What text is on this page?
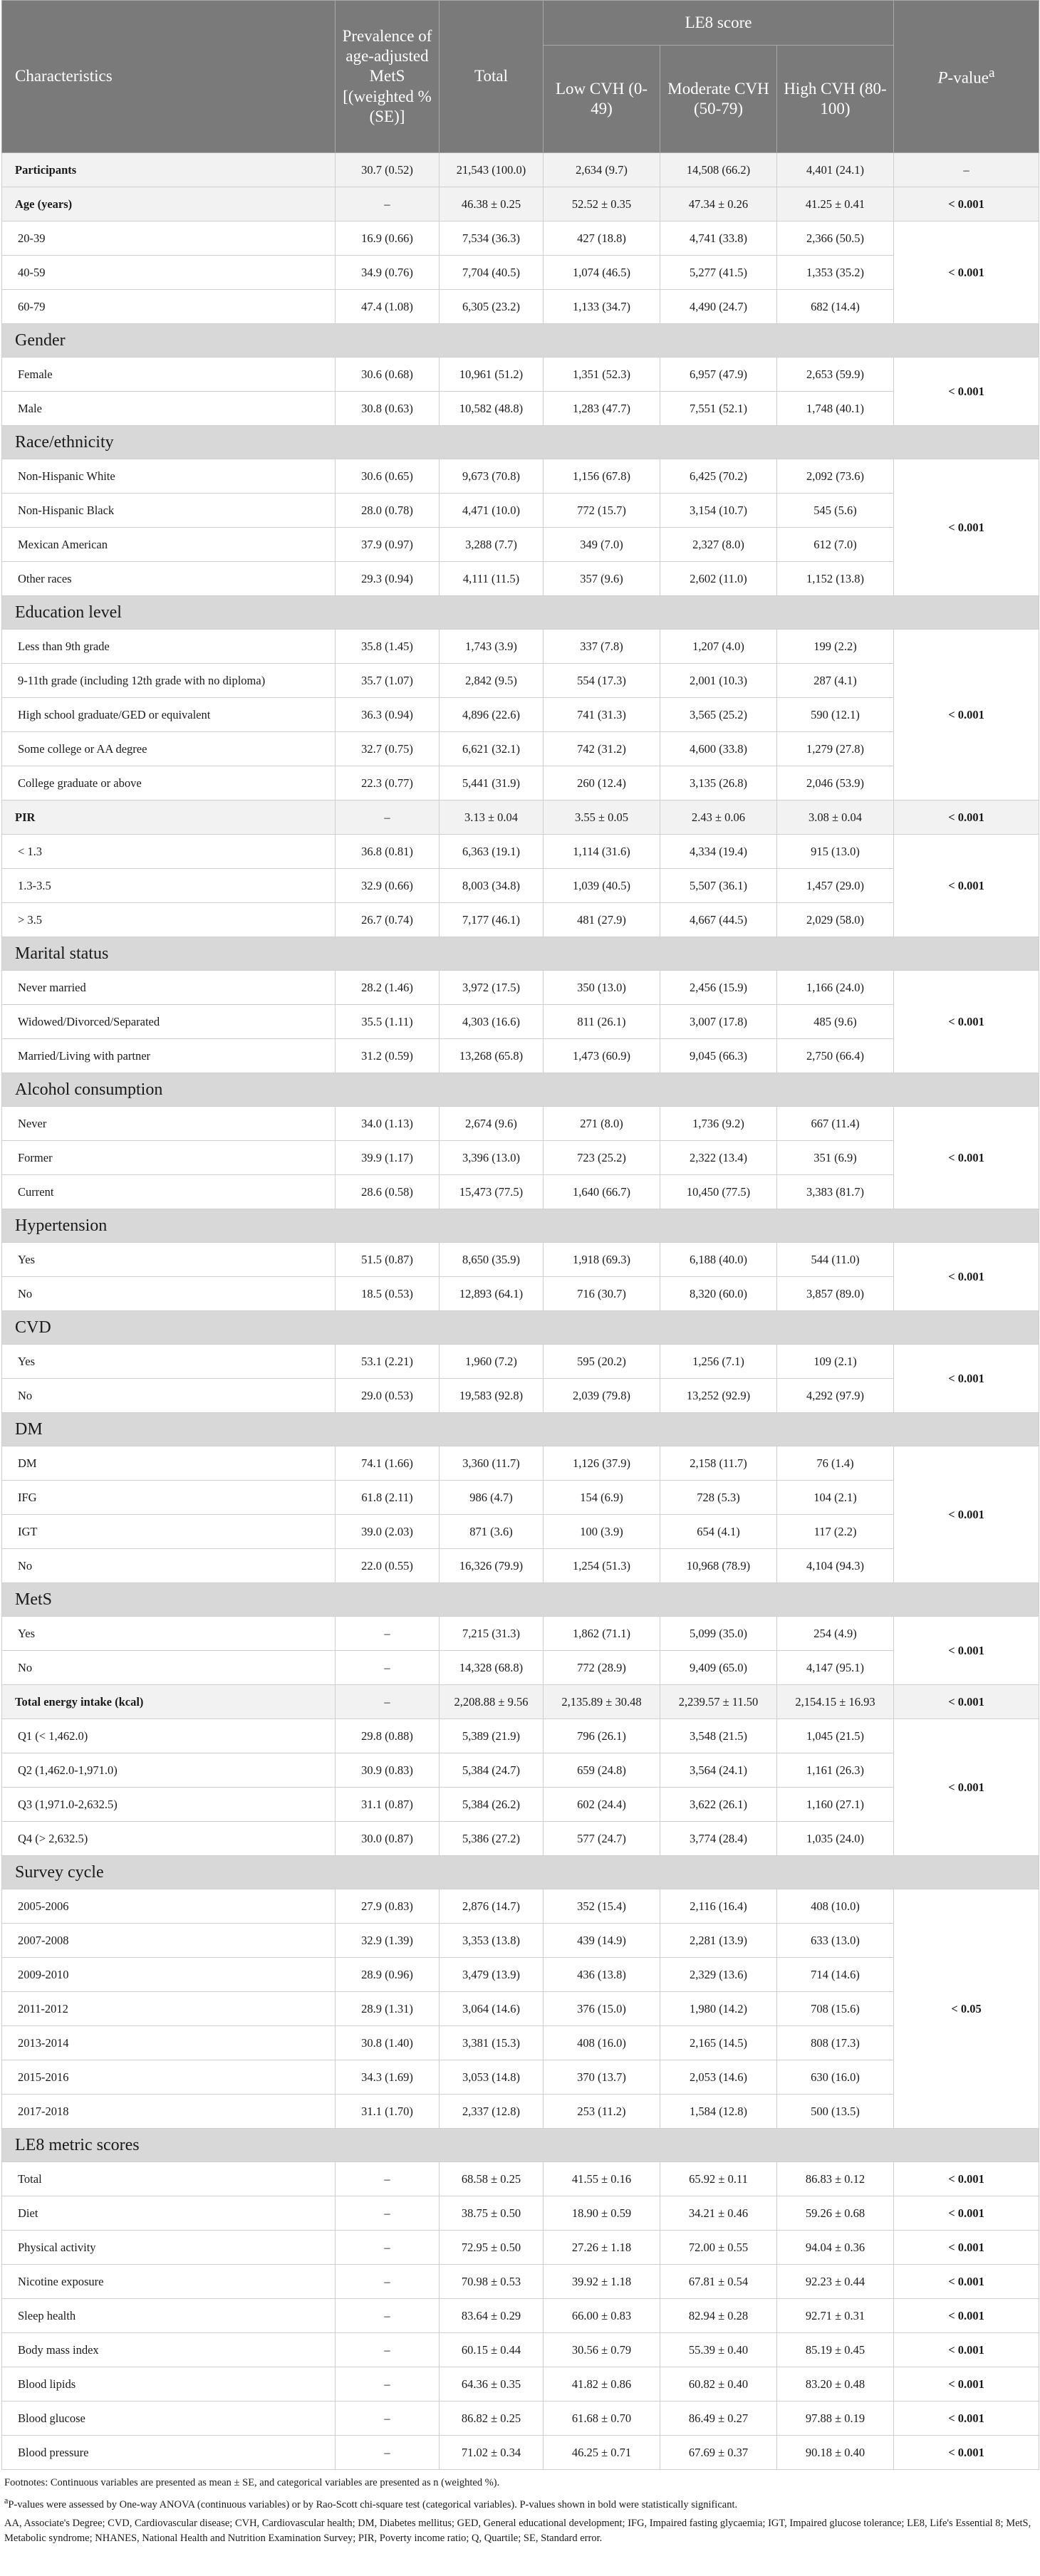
Characteristics	Prevalence of age-adjusted MetS [(weighted % (SE)]	Total	LE8 score			P-value$^a$
			Low CVH (0-49)	Moderate CVH (50-79)	High CVH (80-100)	
Participants	30.7 (0.52)	21,543 (100.0)	2,634 (9.7)	14,508 (66.2)	4,401 (24.1)	–
Age (years)	–	46.38 ± 0.25	52.52 ± 0.35	47.34 ± 0.26	41.25 ± 0.41	< 0.001
20-39	16.9 (0.66)	7,534 (36.3)	427 (18.8)	4,741 (33.8)	2,366 (50.5)	< 0.001
40-59	34.9 (0.76)	7,704 (40.5)	1,074 (46.5)	5,277 (41.5)	1,353 (35.2)	
60-79	47.4 (1.08)	6,305 (23.2)	1,133 (34.7)	4,490 (24.7)	682 (14.4)	
Gender						
Female	30.6 (0.68)	10,961 (51.2)	1,351 (52.3)	6,957 (47.9)	2,653 (59.9)	< 0.001
Male	30.8 (0.63)	10,582 (48.8)	1,283 (47.7)	7,551 (52.1)	1,748 (40.1)	
Race/ethnicity						
Non-Hispanic White	30.6 (0.65)	9,673 (70.8)	1,156 (67.8)	6,425 (70.2)	2,092 (73.6)	< 0.001
Non-Hispanic Black	28.0 (0.78)	4,471 (10.0)	772 (15.7)	3,154 (10.7)	545 (5.6)	
Mexican American	37.9 (0.97)	3,288 (7.7)	349 (7.0)	2,327 (8.0)	612 (7.0)	
Other races	29.3 (0.94)	4,111 (11.5)	357 (9.6)	2,602 (11.0)	1,152 (13.8)	
Education level						
Less than 9th grade	35.8 (1.45)	1,743 (3.9)	337 (7.8)	1,207 (4.0)	199 (2.2)	< 0.001
9-11th grade (including 12th grade with no diploma)	35.7 (1.07)	2,842 (9.5)	554 (17.3)	2,001 (10.3)	287 (4.1)	
High school graduate/GED or equivalent	36.3 (0.94)	4,896 (22.6)	741 (31.3)	3,565 (25.2)	590 (12.1)	
Some college or AA degree	32.7 (0.75)	6,621 (32.1)	742 (31.2)	4,600 (33.8)	1,279 (27.8)	
College graduate or above	22.3 (0.77)	5,441 (31.9)	260 (12.4)	3,135 (26.8)	2,046 (53.9)	
PIR	–	3.13 ± 0.04	3.55 ± 0.05	2.43 ± 0.06	3.08 ± 0.04	< 0.001
< 1.3	36.8 (0.81)	6,363 (19.1)	1,114 (31.6)	4,334 (19.4)	915 (13.0)	< 0.001
1.3-3.5	32.9 (0.66)	8,003 (34.8)	1,039 (40.5)	5,507 (36.1)	1,457 (29.0)	
> 3.5	26.7 (0.74)	7,177 (46.1)	481 (27.9)	4,667 (44.5)	2,029 (58.0)	
Marital status						
Never married	28.2 (1.46)	3,972 (17.5)	350 (13.0)	2,456 (15.9)	1,166 (24.0)	< 0.001
Widowed/Divorced/Separated	35.5 (1.11)	4,303 (16.6)	811 (26.1)	3,007 (17.8)	485 (9.6)	
Married/Living with partner	31.2 (0.59)	13,268 (65.8)	1,473 (60.9)	9,045 (66.3)	2,750 (66.4)	
Alcohol consumption						
Never	34.0 (1.13)	2,674 (9.6)	271 (8.0)	1,736 (9.2)	667 (11.4)	< 0.001
Former	39.9 (1.17)	3,396 (13.0)	723 (25.2)	2,322 (13.4)	351 (6.9)	
Current	28.6 (0.58)	15,473 (77.5)	1,640 (66.7)	10,450 (77.5)	3,383 (81.7)	
Hypertension						
Yes	51.5 (0.87)	8,650 (35.9)	1,918 (69.3)	6,188 (40.0)	544 (11.0)	< 0.001
No	18.5 (0.53)	12,893 (64.1)	716 (30.7)	8,320 (60.0)	3,857 (89.0)	
CVD						
Yes	53.1 (2.21)	1,960 (7.2)	595 (20.2)	1,256 (7.1)	109 (2.1)	< 0.001
No	29.0 (0.53)	19,583 (92.8)	2,039 (79.8)	13,252 (92.9)	4,292 (97.9)	
DM						
DM	74.1 (1.66)	3,360 (11.7)	1,126 (37.9)	2,158 (11.7)	76 (1.4)	< 0.001
IFG	61.8 (2.11)	986 (4.7)	154 (6.9)	728 (5.3)	104 (2.1)	
IGT	39.0 (2.03)	871 (3.6)	100 (3.9)	654 (4.1)	117 (2.2)	
No	22.0 (0.55)	16,326 (79.9)	1,254 (51.3)	10,968 (78.9)	4,104 (94.3)	
MetS						
Yes	–	7,215 (31.3)	1,862 (71.1)	5,099 (35.0)	254 (4.9)	< 0.001
No	–	14,328 (68.8)	772 (28.9)	9,409 (65.0)	4,147 (95.1)	
Total energy intake (kcal)	–	2,208.88 ± 9.56	2,135.89 ± 30.48	2,239.57 ± 11.50	2,154.15 ± 16.93	< 0.001
Q1 (< 1,462.0)	29.8 (0.88)	5,389 (21.9)	796 (26.1)	3,548 (21.5)	1,045 (21.5)	< 0.001
Q2 (1,462.0-1,971.0)	30.9 (0.83)	5,384 (24.7)	659 (24.8)	3,564 (24.1)	1,161 (26.3)	
Q3 (1,971.0-2,632.5)	31.1 (0.87)	5,384 (26.2)	602 (24.4)	3,622 (26.1)	1,160 (27.1)	
Q4 (> 2,632.5)	30.0 (0.87)	5,386 (27.2)	577 (24.7)	3,774 (28.4)	1,035 (24.0)	
Survey cycle						
2005-2006	27.9 (0.83)	2,876 (14.7)	352 (15.4)	2,116 (16.4)	408 (10.0)	< 0.05
2007-2008	32.9 (1.39)	3,353 (13.8)	439 (14.9)	2,281 (13.9)	633 (13.0)	
2009-2010	28.9 (0.96)	3,479 (13.9)	436 (13.8)	2,329 (13.6)	714 (14.6)	
2011-2012	28.9 (1.31)	3,064 (14.6)	376 (15.0)	1,980 (14.2)	708 (15.6)	
2013-2014	30.8 (1.40)	3,381 (15.3)	408 (16.0)	2,165 (14.5)	808 (17.3)	
2015-2016	34.3 (1.69)	3,053 (14.8)	370 (13.7)	2,053 (14.6)	630 (16.0)	
2017-2018	31.1 (1.70)	2,337 (12.8)	253 (11.2)	1,584 (12.8)	500 (13.5)	
LE8 metric scores						
Total	–	68.58 ± 0.25	41.55 ± 0.16	65.92 ± 0.11	86.83 ± 0.12	< 0.001
Diet	–	38.75 ± 0.50	18.90 ± 0.59	34.21 ± 0.46	59.26 ± 0.68	< 0.001
Physical activity	–	72.95 ± 0.50	27.26 ± 1.18	72.00 ± 0.55	94.04 ± 0.36	< 0.001
Nicotine exposure	–	70.98 ± 0.53	39.92 ± 1.18	67.81 ± 0.54	92.23 ± 0.44	< 0.001
Sleep health	–	83.64 ± 0.29	66.00 ± 0.83	82.94 ± 0.28	92.71 ± 0.31	< 0.001
Body mass index	–	60.15 ± 0.44	30.56 ± 0.79	55.39 ± 0.40	85.19 ± 0.45	< 0.001
Blood lipids	–	64.36 ± 0.35	41.82 ± 0.86	60.82 ± 0.40	83.20 ± 0.48	< 0.001
Blood glucose	–	86.82 ± 0.25	61.68 ± 0.70	86.49 ± 0.27	97.88 ± 0.19	< 0.001
Blood pressure	–	71.02 ± 0.34	46.25 ± 0.71	67.69 ± 0.37	90.18 ± 0.40	< 0.001

Footnotes: Continuous variables are presented as mean ± SE, and categorical variables are presented as n (weighted %).

$^a$P-values were assessed by One-way ANOVA (continuous variables) or by Rao-Scott chi-square test (categorical variables). P-values shown in bold were statistically significant.

AA, Associate's Degree; CVD, Cardiovascular disease; CVH, Cardiovascular health; DM, Diabetes mellitus; GED, General educational development; IFG, Impaired fasting glycaemia; IGT, Impaired glucose tolerance; LE8, Life's Essential 8; MetS, Metabolic syndrome; NHANES, National Health and Nutrition Examination Survey; PIR, Poverty income ratio; Q, Quartile; SE, Standard error.
